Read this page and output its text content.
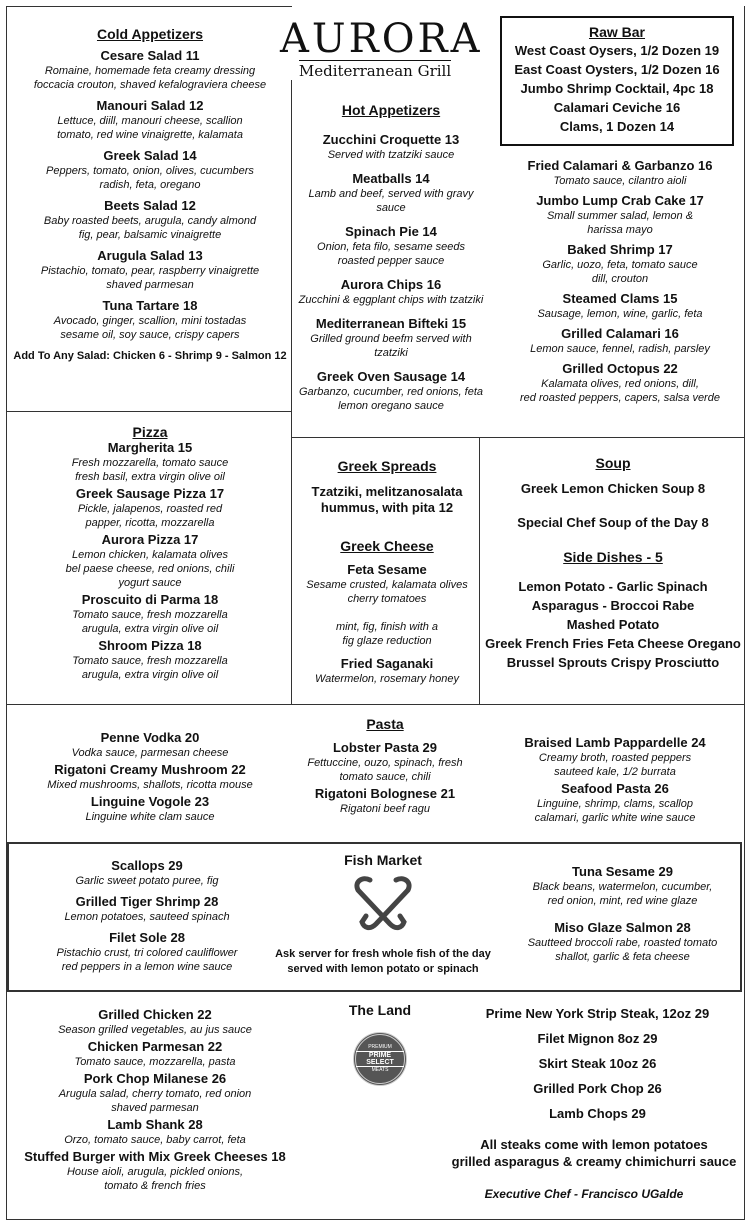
AURORA
Mediterranean Grill
Raw Bar
West Coast Oysers, 1/2 Dozen 19
East Coast Oysters, 1/2 Dozen 16
Jumbo Shrimp Cocktail, 4pc 18
Calamari Ceviche 16
Clams, 1 Dozen 14
Cold Appetizers
Cesare Salad 11
Romaine, homemade feta creamy dressing
foccacia crouton, shaved kefalograviera cheese
Manouri Salad 12
Lettuce, diill, manouri cheese, scallion
tomato, red wine vinaigrette, kalamata
Greek Salad 14
Peppers, tomato, onion, olives, cucumbers
radish, feta, oregano
Beets Salad 12
Baby roasted beets, arugula, candy almond
fig, pear, balsamic vinaigrette
Arugula Salad 13
Pistachio, tomato, pear, raspberry vinaigrette
shaved parmesan
Tuna Tartare 18
Avocado, ginger, scallion, mini tostadas
sesame oil, soy sauce, crispy capers
Add To Any Salad: Chicken 6 - Shrimp 9 - Salmon 12
Hot Appetizers
Zucchini Croquette 13
Served with tzatziki sauce
Meatballs 14
Lamb and beef, served with gravy sauce
Spinach Pie 14
Onion, feta filo, sesame seeds
roasted pepper sauce
Aurora Chips 16
Zucchini & eggplant chips with tzatziki
Mediterranean Bifteki 15
Grilled ground beefm served with tzatziki
Greek Oven Sausage 14
Garbanzo, cucumber, red onions, feta
lemon oregano sauce
Fried Calamari & Garbanzo 16
Tomato sauce, cilantro aioli
Jumbo Lump Crab Cake 17
Small summer salad, lemon &
harissa mayo
Baked Shrimp 17
Garlic, uozo, feta, tomato sauce
dill, crouton
Steamed Clams 15
Sausage, lemon, wine, garlic, feta
Grilled Calamari 16
Lemon sauce, fennel, radish, parsley
Grilled Octopus 22
Kalamata olives, red onions, dill,
red roasted peppers, capers, salsa verde
Pizza
Margherita 15
Fresh mozzarella, tomato sauce
fresh basil, extra virgin olive oil
Greek Sausage Pizza 17
Pickle, jalapenos, roasted red
papper, ricotta, mozzarella
Aurora Pizza 17
Lemon chicken, kalamata olives
bel paese cheese, red onions, chili
yogurt sauce
Proscuito di Parma 18
Tomato sauce, fresh mozzarella
arugula, extra virgin olive oil
Shroom Pizza 18
Tomato sauce, fresh mozzarella
arugula, extra virgin olive oil
Greek Spreads
Tzatziki, melitzanosalata
hummus, with pita 12
Greek Cheese
Feta Sesame
Sesame crusted, kalamata olives
cherry tomatoes

mint, fig, finish with a
fig glaze reduction
Fried Saganaki
Watermelon, rosemary honey
Soup
Greek Lemon Chicken Soup 8
Special Chef Soup of the Day 8
Side Dishes - 5
Lemon Potato - Garlic Spinach
Asparagus - Broccoi Rabe
Mashed Potato
Greek French Fries Feta Cheese Oregano
Brussel Sprouts Crispy Prosciutto
Penne Vodka 20
Vodka sauce, parmesan cheese
Rigatoni Creamy Mushroom 22
Mixed mushrooms, shallots, ricotta mouse
Linguine Vogole 23
Linguine white clam sauce
Pasta
Lobster Pasta 29
Fettuccine, ouzo, spinach, fresh
tomato sauce, chili
Rigatoni Bolognese 21
Rigatoni beef ragu
Braised Lamb Pappardelle 24
Creamy broth, roasted peppers
sauteed kale, 1/2 burrata
Seafood Pasta 26
Linguine, shrimp, clams, scallop
calamari, garlic white wine sauce
Scallops 29
Garlic sweet potato puree, fig
Grilled Tiger Shrimp 28
Lemon potatoes, sauteed spinach
Filet Sole 28
Pistachio crust, tri colored cauliflower
red peppers in a lemon wine sauce
Fish Market
Ask server for fresh whole fish of the day
served with lemon potato or spinach
Tuna Sesame 29
Black beans, watermelon, cucumber,
red onion, mint, red wine glaze
Miso Glaze Salmon 28
Sautteed broccoli rabe, roasted tomato
shallot, garlic & feta cheese
Grilled Chicken 22
Season grilled vegetables, au jus sauce
Chicken Parmesan 22
Tomato sauce, mozzarella, pasta
Pork Chop Milanese 26
Arugula salad, cherry tomato, red onion
shaved parmesan
Lamb Shank 28
Orzo, tomato sauce, baby carrot, feta
Stuffed Burger with Mix Greek Cheeses 18
House aioli, arugula, pickled onions,
tomato & french fries
The Land
PREMIUM
PRIME SELECT
MEATS
Prime New York Strip Steak, 12oz 29
Filet Mignon 8oz 29
Skirt Steak 10oz 26
Grilled Pork Chop 26
Lamb Chops 29
All steaks come with lemon potatoes
grilled asparagus & creamy chimichurri sauce
Executive Chef - Francisco UGalde
